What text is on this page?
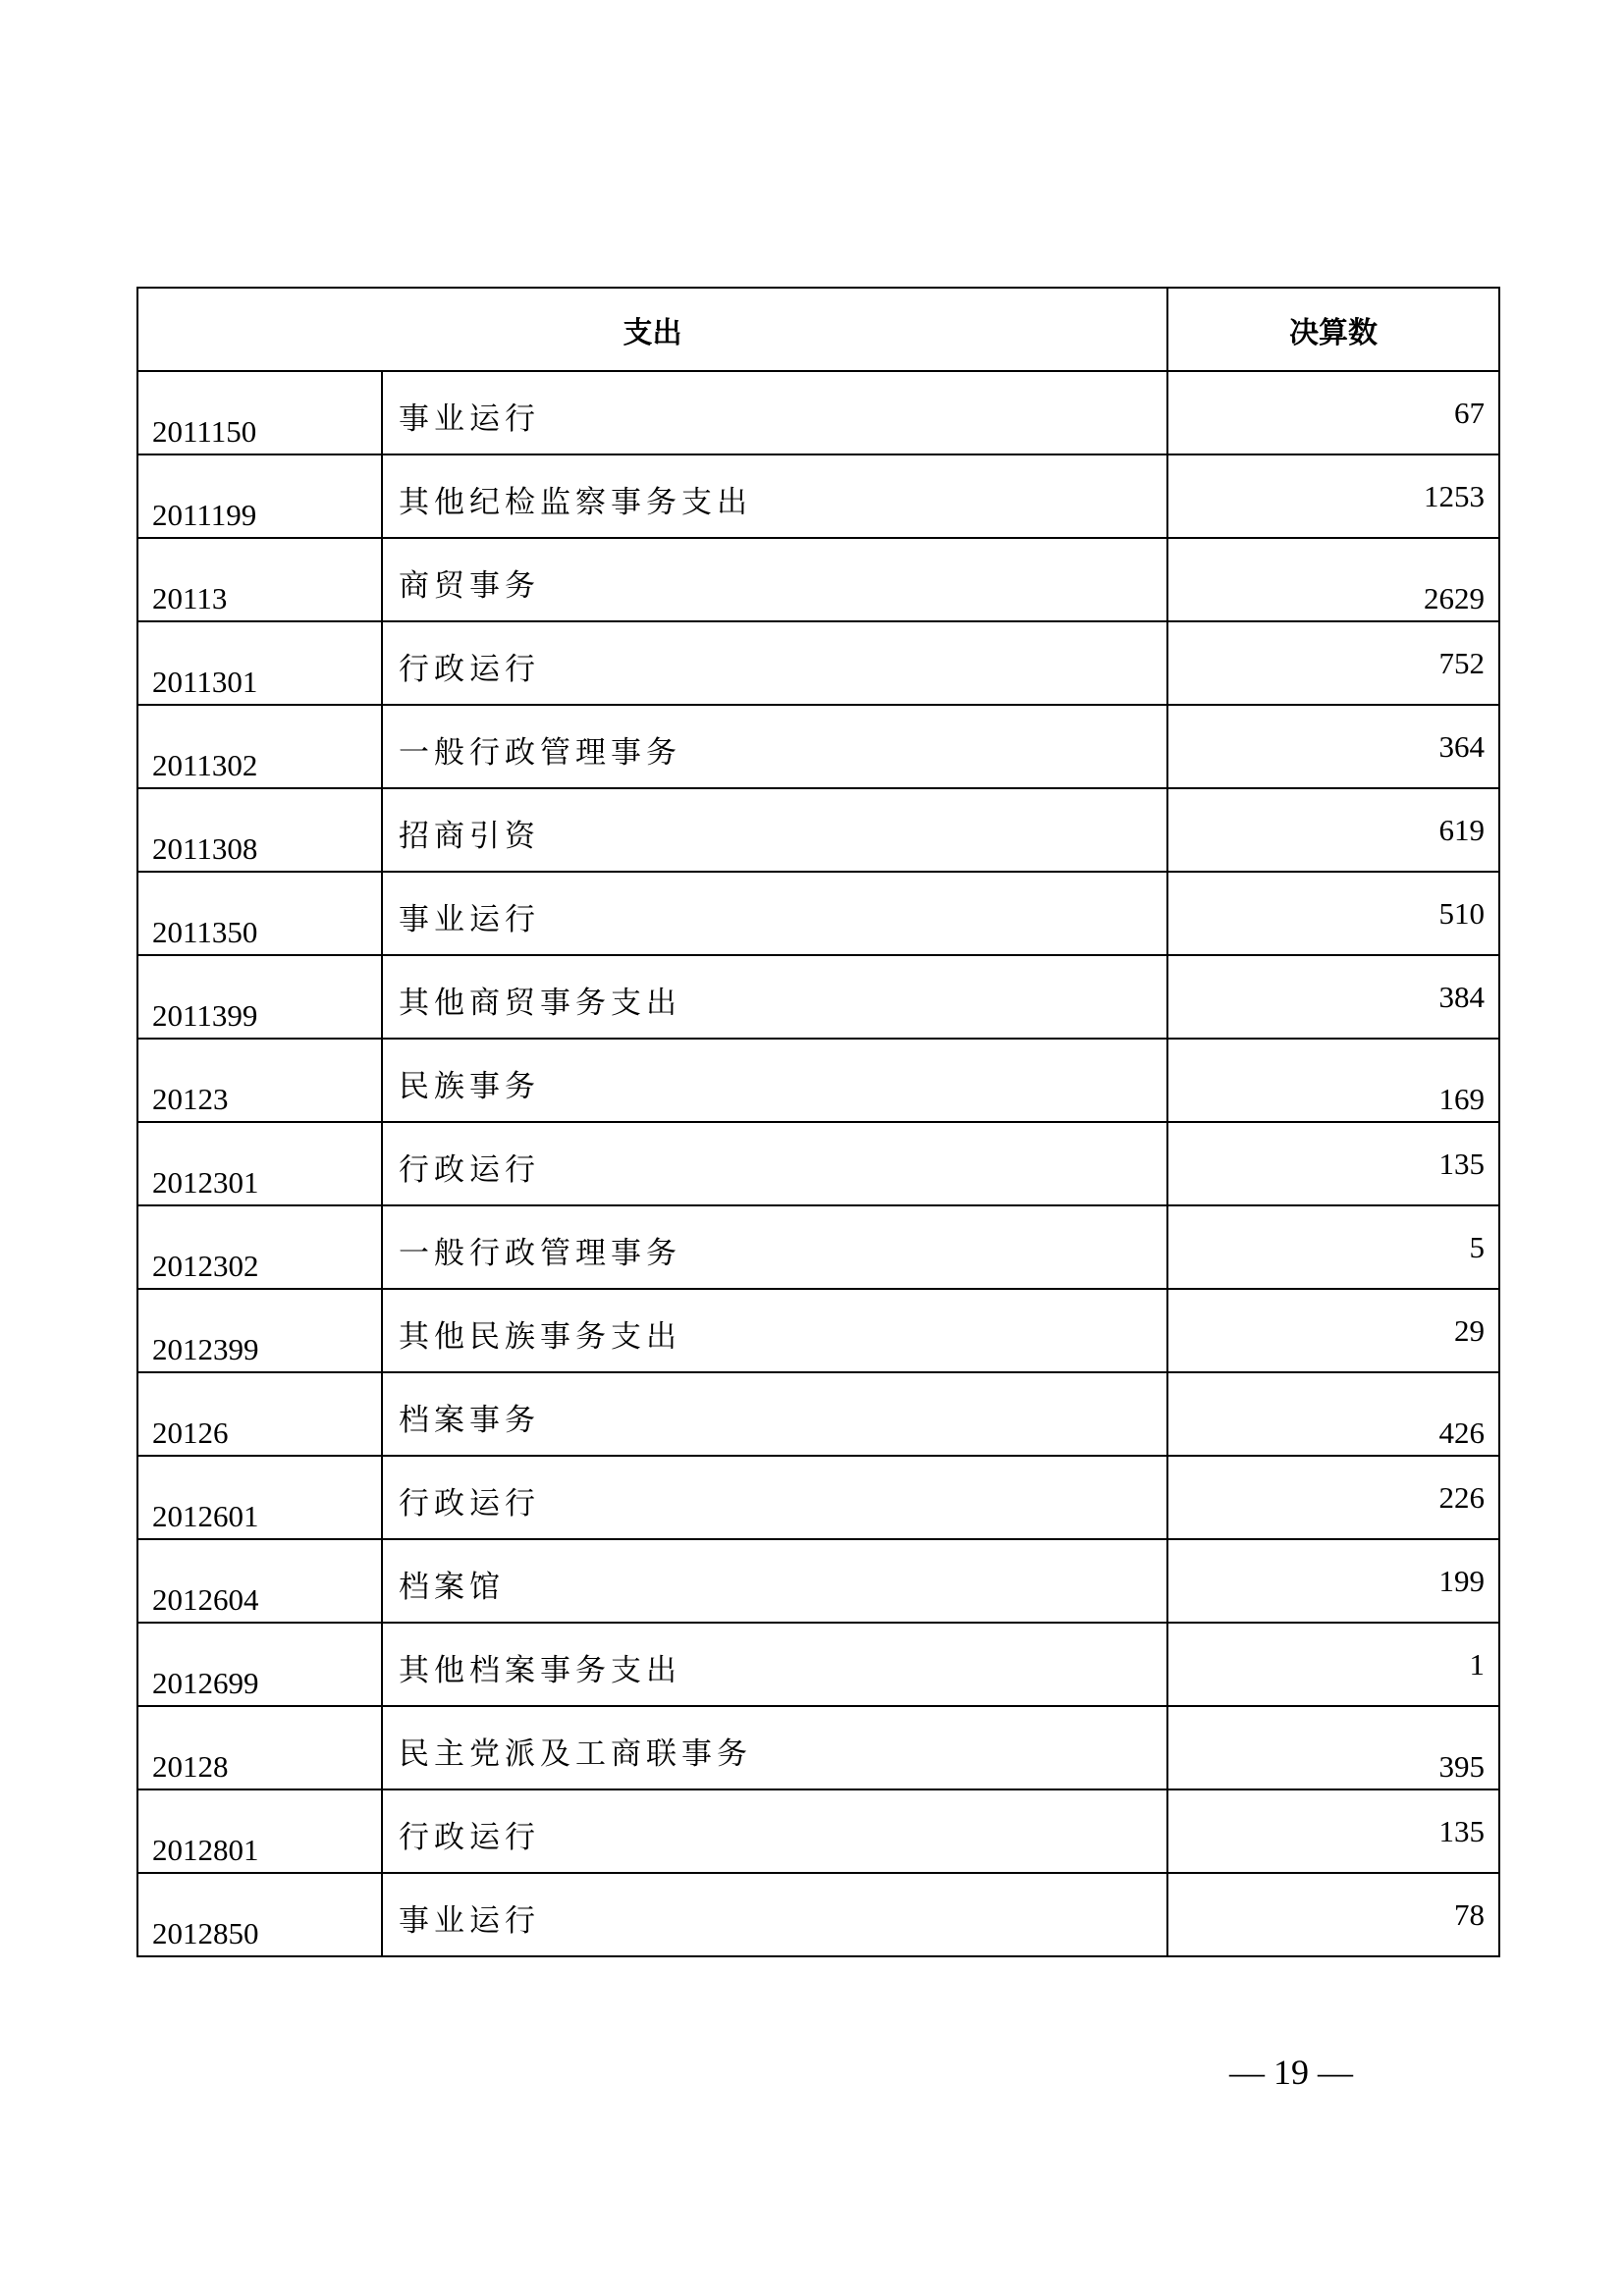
支出		决算数
2011150	事业运行	67
2011199	其他纪检监察事务支出	1253
20113	商贸事务	2629
2011301	行政运行	752
2011302	一般行政管理事务	364
2011308	招商引资	619
2011350	事业运行	510
2011399	其他商贸事务支出	384
20123	民族事务	169
2012301	行政运行	135
2012302	一般行政管理事务	5
2012399	其他民族事务支出	29
20126	档案事务	426
2012601	行政运行	226
2012604	档案馆	199
2012699	其他档案事务支出	1
20128	民主党派及工商联事务	395
2012801	行政运行	135
2012850	事业运行	78
— 19 —
